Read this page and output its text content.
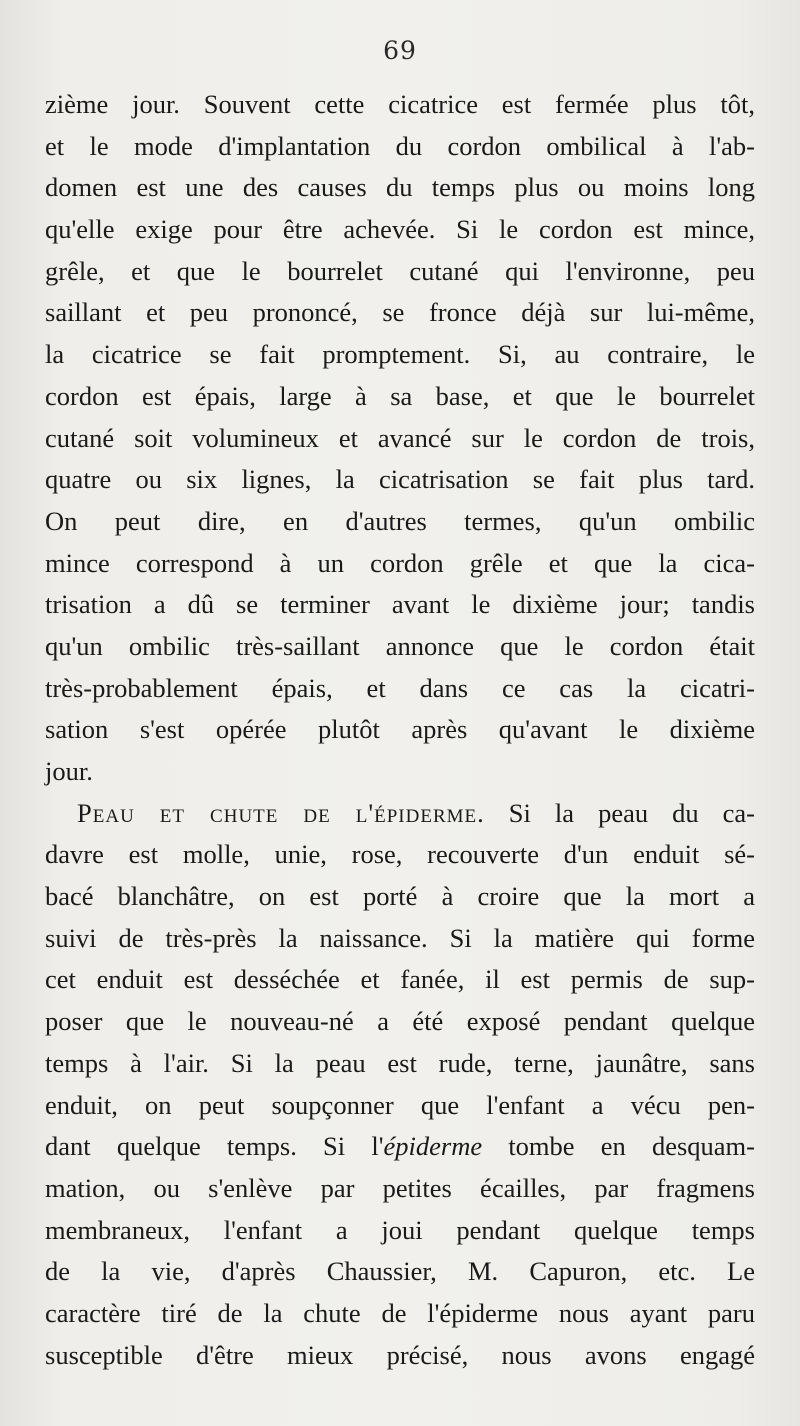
69
zième jour. Souvent cette cicatrice est fermée plus tôt,
et le mode d'implantation du cordon ombilical à l'ab-
domen est une des causes du temps plus ou moins long
qu'elle exige pour être achevée. Si le cordon est mince,
grêle, et que le bourrelet cutané qui l'environne, peu
saillant et peu prononcé, se fronce déjà sur lui-même,
la cicatrice se fait promptement. Si, au contraire, le
cordon est épais, large à sa base, et que le bourrelet
cutané soit volumineux et avancé sur le cordon de trois,
quatre ou six lignes, la cicatrisation se fait plus tard.
On peut dire, en d'autres termes, qu'un ombilic
mince correspond à un cordon grêle et que la cica-
trisation a dû se terminer avant le dixième jour; tandis
qu'un ombilic très-saillant annonce que le cordon était
très-probablement épais, et dans ce cas la cicatri-
sation s'est opérée plutôt après qu'avant le dixième
jour.
Peau et chute de l'épiderme. Si la peau du ca-
davre est molle, unie, rose, recouverte d'un enduit sé-
bacé blanchâtre, on est porté à croire que la mort a
suivi de très-près la naissance. Si la matière qui forme
cet enduit est desséchée et fanée, il est permis de sup-
poser que le nouveau-né a été exposé pendant quelque
temps à l'air. Si la peau est rude, terne, jaunâtre, sans
enduit, on peut soupçonner que l'enfant a vécu pen-
dant quelque temps. Si l'épiderme tombe en desquam-
mation, ou s'enlève par petites écailles, par fragmens
membraneux, l'enfant a joui pendant quelque temps
de la vie, d'après Chaussier, M. Capuron, etc. Le
caractère tiré de la chute de l'épiderme nous ayant paru
susceptible d'être mieux précisé, nous avons engagé
